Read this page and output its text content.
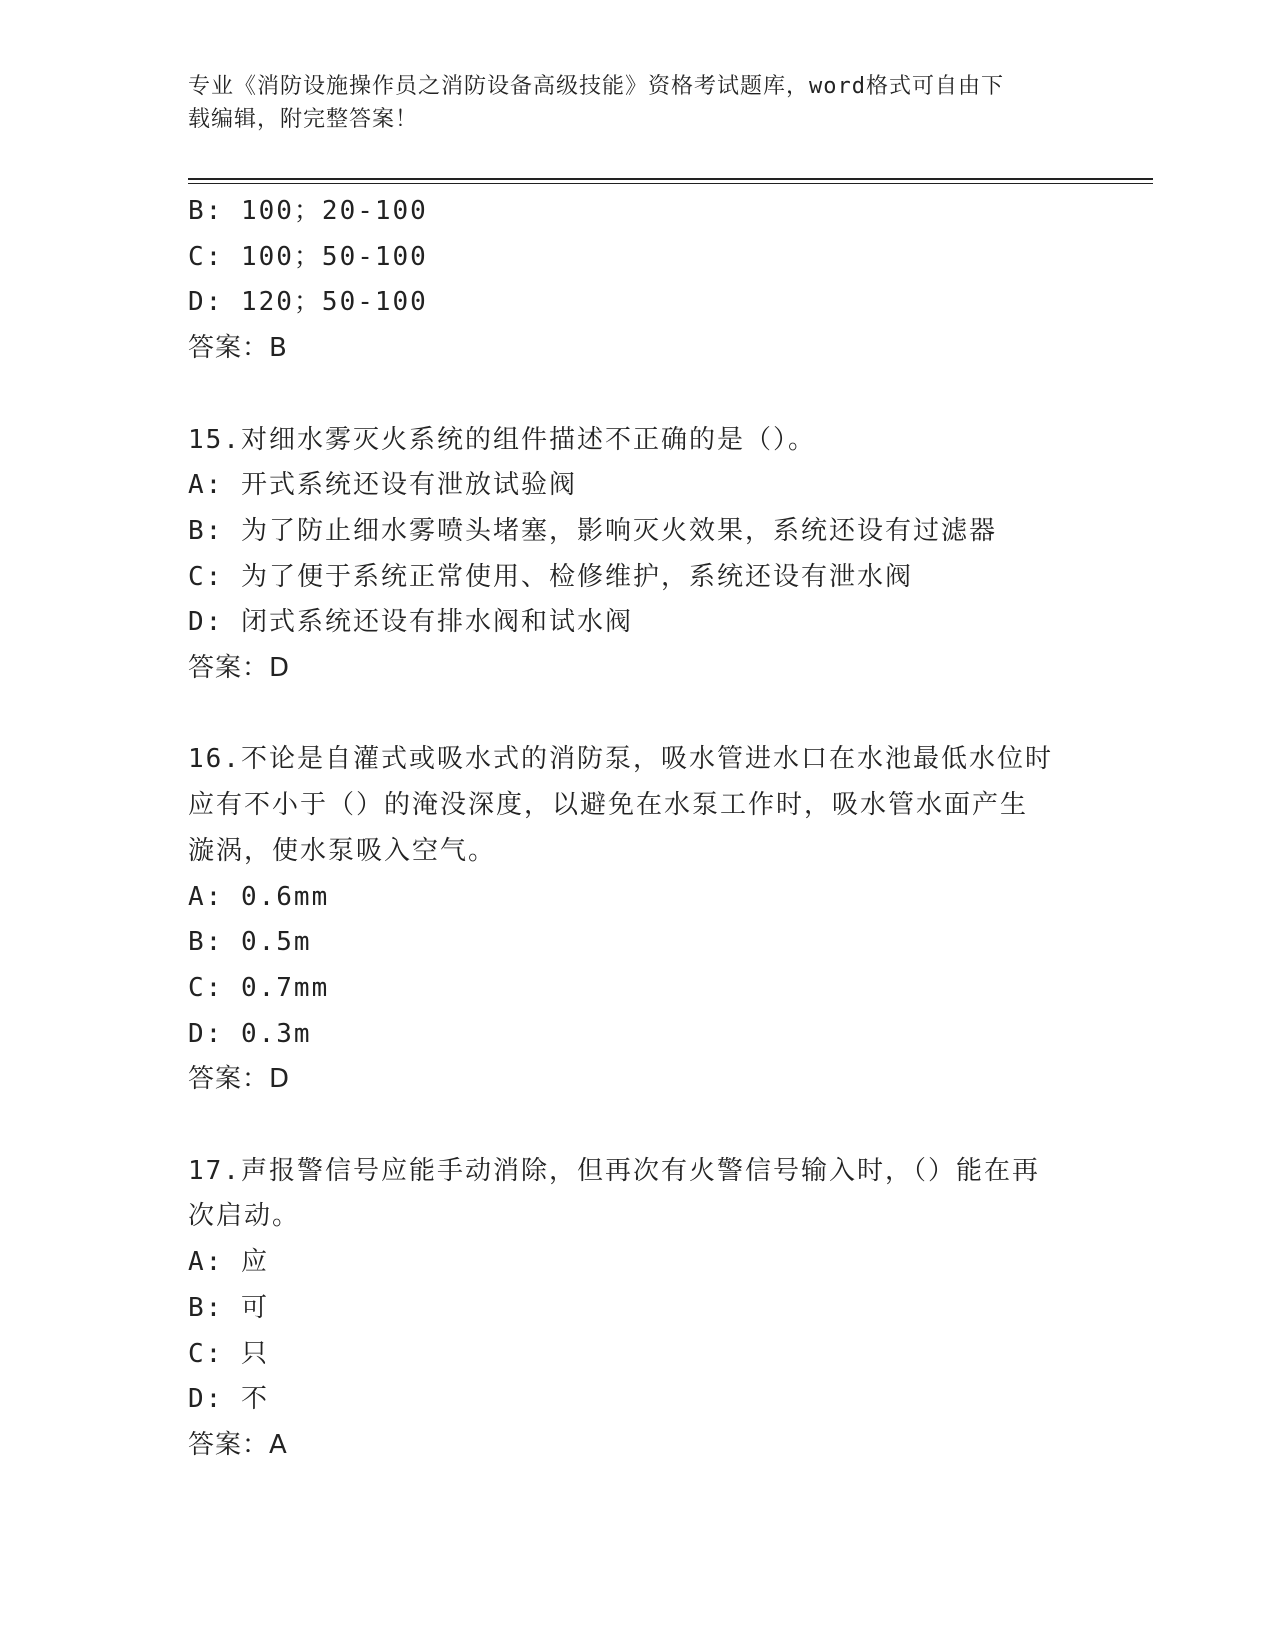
专业《消防设施操作员之消防设备高级技能》资格考试题库，word格式可自由下
载编辑，附完整答案！
B: 100；20-100
C: 100；50-100
D: 120；50-100
答案：B
15.对细水雾灭火系统的组件描述不正确的是（）。
A: 开式系统还设有泄放试验阀
B: 为了防止细水雾喷头堵塞，影响灭火效果，系统还设有过滤器
C: 为了便于系统正常使用、检修维护，系统还设有泄水阀
D: 闭式系统还设有排水阀和试水阀
答案：D
16.不论是自灌式或吸水式的消防泵，吸水管进水口在水池最低水位时
应有不小于（）的淹没深度，以避免在水泵工作时，吸水管水面产生
漩涡，使水泵吸入空气。
A: 0.6mm
B: 0.5m
C: 0.7mm
D: 0.3m
答案：D
17.声报警信号应能手动消除，但再次有火警信号输入时，（）能在再
次启动。
A: 应
B: 可
C: 只
D: 不
答案：A
